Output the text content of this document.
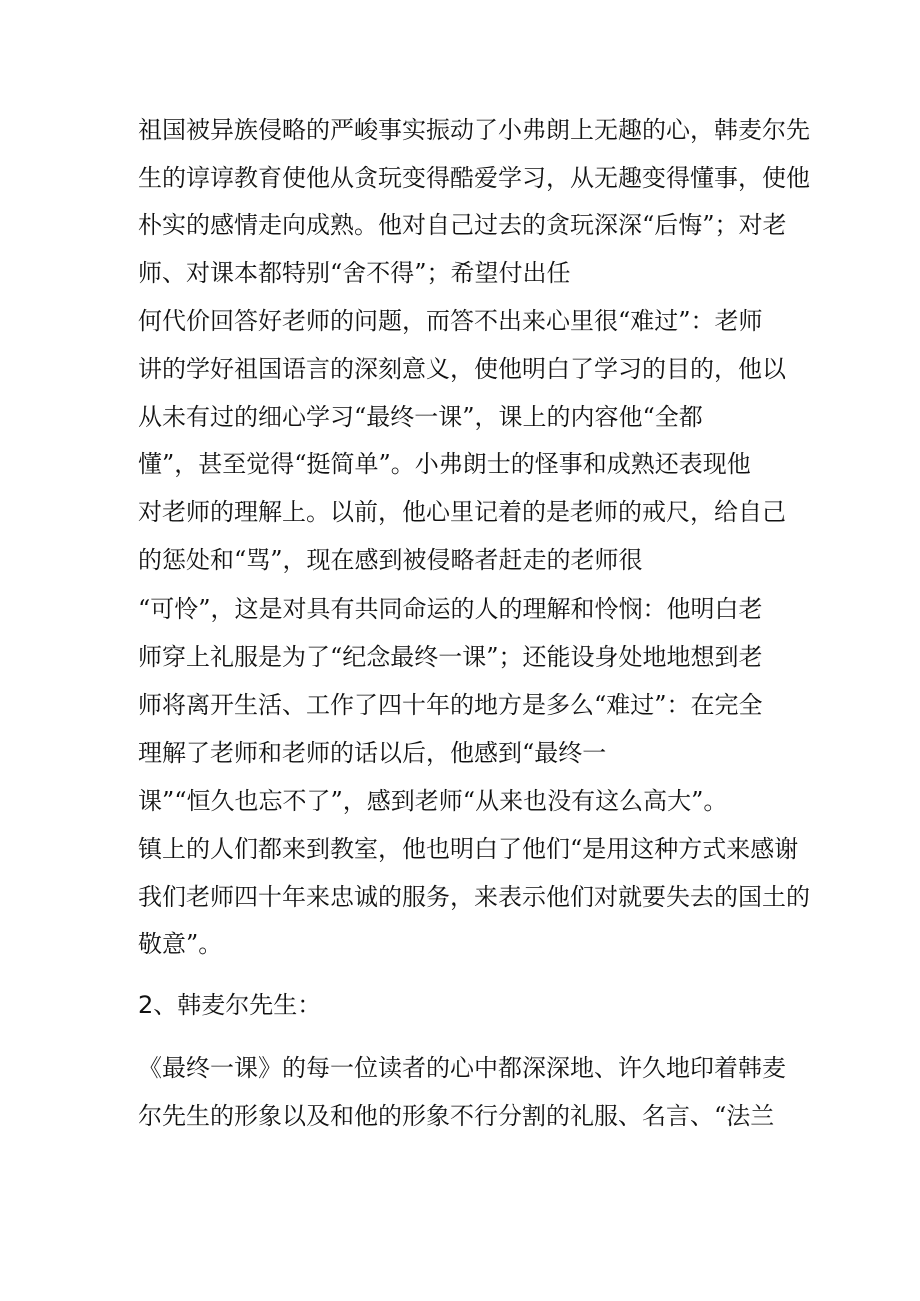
祖国被异族侵略的严峻事实振动了小弗朗上无趣的心，韩麦尔先
生的谆谆教育使他从贪玩变得酷爱学习，从无趣变得懂事，使他
朴实的感情走向成熟。他对自己过去的贪玩深深“后悔”；对老
师、对课本都特别“舍不得”；希望付出任
何代价回答好老师的问题，而答不出来心里很“难过”：老师
讲的学好祖国语言的深刻意义，使他明白了学习的目的，他以
从未有过的细心学习“最终一课”，课上的内容他“全都
懂”，甚至觉得“挺简单”。小弗朗士的怪事和成熟还表现他
对老师的理解上。以前，他心里记着的是老师的戒尺，给自己
的惩处和“骂”，现在感到被侵略者赶走的老师很
“可怜”，这是对具有共同命运的人的理解和怜悯：他明白老
师穿上礼服是为了“纪念最终一课”；还能设身处地地想到老
师将离开生活、工作了四十年的地方是多么“难过”：在完全
理解了老师和老师的话以后，他感到“最终一
课”“恒久也忘不了”，感到老师“从来也没有这么高大”。
镇上的人们都来到教室，他也明白了他们“是用这种方式来感谢
我们老师四十年来忠诚的服务，来表示他们对就要失去的国土的
敬意”。
2、韩麦尔先生：
《最终一课》的每一位读者的心中都深深地、许久地印着韩麦
尔先生的形象以及和他的形象不行分割的礼服、名言、“法兰
